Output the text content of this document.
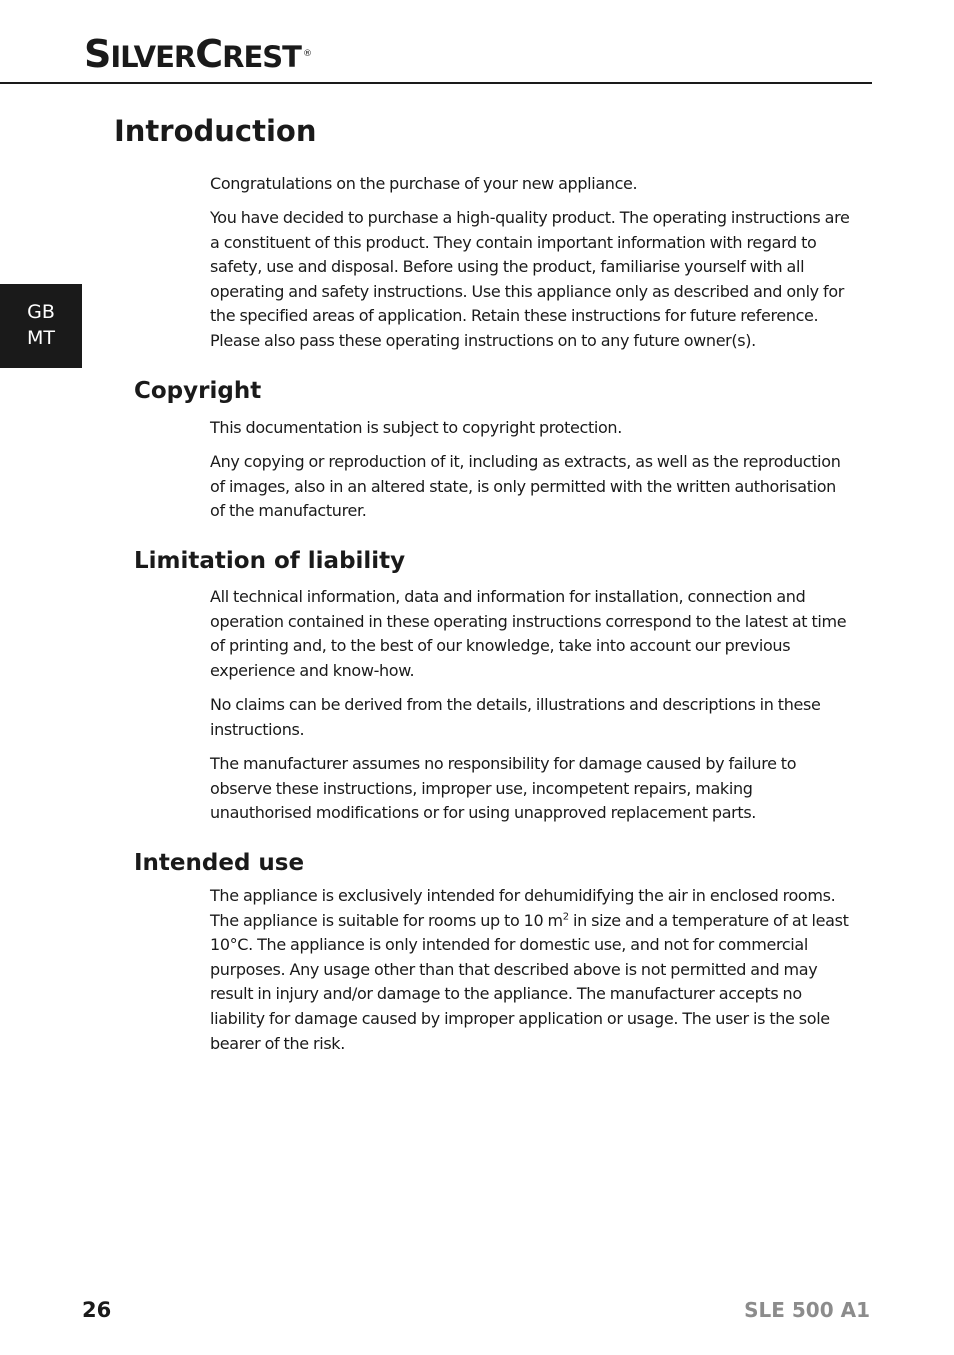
SILVERCREST ®
GB
MT
Introduction

Congratulations on the purchase of your new appliance.

You have decided to purchase a high-quality product. The operating instructions are a constituent of this product. They contain important information with regard to safety, use and disposal. Before using the product, familiarise yourself with all operating and safety instructions. Use this appliance only as described and only for the specified areas of application. Retain these instructions for future reference. Please also pass these operating instructions on to any future owner(s).

Copyright

This documentation is subject to copyright protection.

Any copying or reproduction of it, including as extracts, as well as the reproduction of images, also in an altered state, is only permitted with the written authorisation of the manufacturer.

Limitation of liability

All technical information, data and information for installation, connection and operation contained in these operating instructions correspond to the latest at time of printing and, to the best of our knowledge, take into account our previous experience and know-how.

No claims can be derived from the details, illustrations and descriptions in these instructions.

The manufacturer assumes no responsibility for damage caused by failure to observe these instructions, improper use, incompetent repairs, making unauthorised modifications or for using unapproved replacement parts.

Intended use

The appliance is exclusively intended for dehumidifying the air in enclosed rooms. The appliance is suitable for rooms up to 10 $m^2$ in size and a temperature of at least 10°C. The appliance is only intended for domestic use, and not for commercial purposes. Any usage other than that described above is not permitted and may result in injury and/or damage to the appliance. The manufacturer accepts no liability for damage caused by improper application or usage. The user is the sole bearer of the risk.

26	SLE 500 A1
